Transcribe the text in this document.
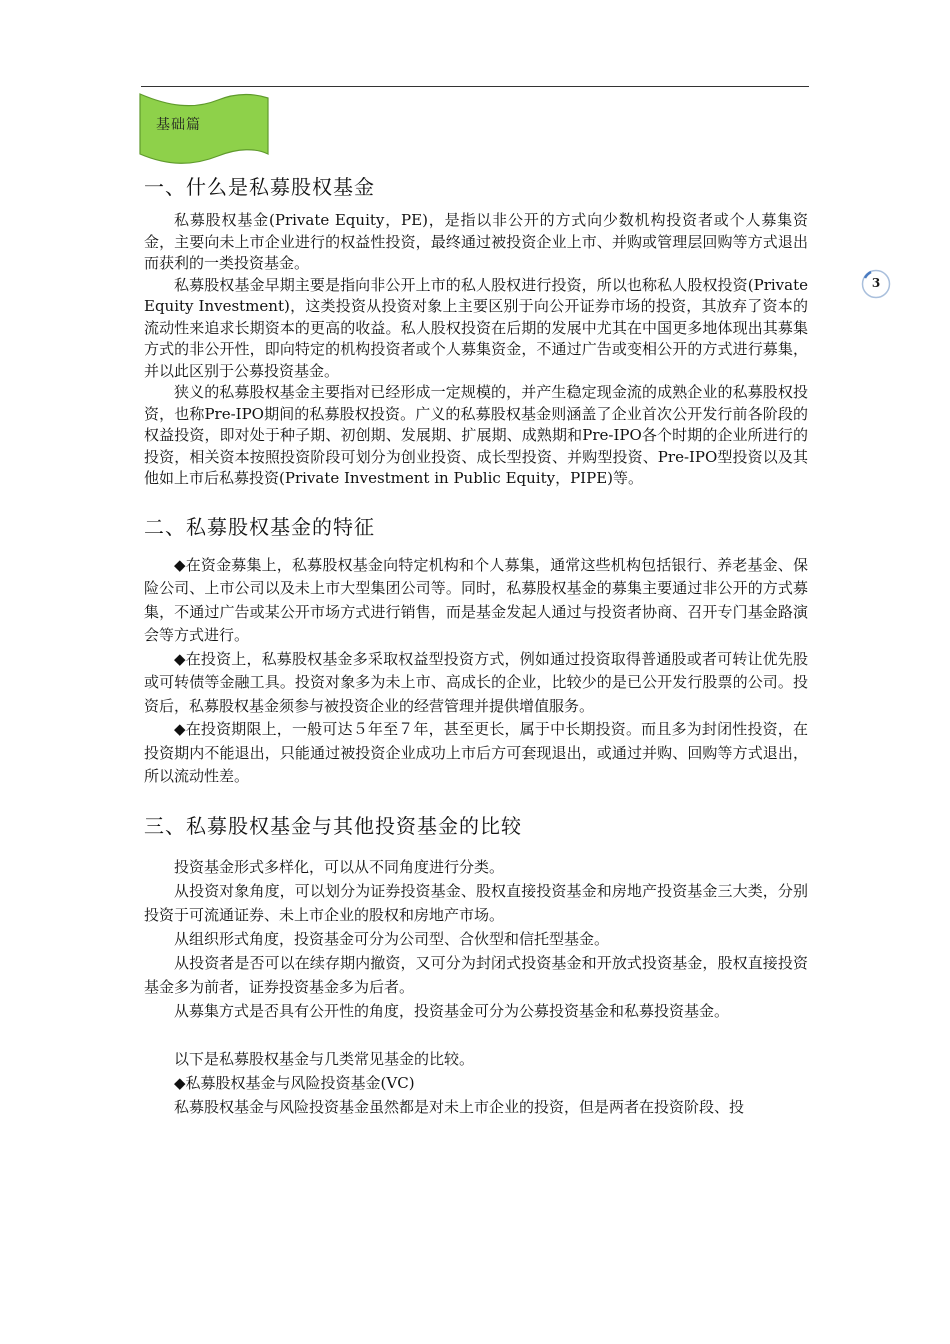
基础篇
3
一、什么是私募股权基金

私募股权基金(Private Equity，PE)，是指以非公开的方式向少数机构投资者或个人募集资金，主要向未上市企业进行的权益性投资，最终通过被投资企业上市、并购或管理层回购等方式退出而获利的一类投资基金。

私募股权基金早期主要是指向非公开上市的私人股权进行投资，所以也称私人股权投资(Private Equity Investment)，这类投资从投资对象上主要区别于向公开证券市场的投资，其放弃了资本的流动性来追求长期资本的更高的收益。私人股权投资在后期的发展中尤其在中国更多地体现出其募集方式的非公开性，即向特定的机构投资者或个人募集资金，不通过广告或变相公开的方式进行募集，并以此区别于公募投资基金。

狭义的私募股权基金主要指对已经形成一定规模的，并产生稳定现金流的成熟企业的私募股权投资，也称Pre-IPO期间的私募股权投资。广义的私募股权基金则涵盖了企业首次公开发行前各阶段的权益投资，即对处于种子期、初创期、发展期、扩展期、成熟期和Pre-IPO各个时期的企业所进行的投资，相关资本按照投资阶段可划分为创业投资、成长型投资、并购型投资、Pre-IPO型投资以及其他如上市后私募投资(Private Investment in Public Equity，PIPE)等。

二、私募股权基金的特征

◆在资金募集上，私募股权基金向特定机构和个人募集，通常这些机构包括银行、养老基金、保险公司、上市公司以及未上市大型集团公司等。同时，私募股权基金的募集主要通过非公开的方式募集，不通过广告或某公开市场方式进行销售，而是基金发起人通过与投资者协商、召开专门基金路演会等方式进行。

◆在投资上，私募股权基金多采取权益型投资方式，例如通过投资取得普通股或者可转让优先股或可转债等金融工具。投资对象多为未上市、高成长的企业，比较少的是已公开发行股票的公司。投资后，私募股权基金须参与被投资企业的经营管理并提供增值服务。

◆在投资期限上，一般可达５年至７年，甚至更长，属于中长期投资。而且多为封闭性投资，在投资期内不能退出，只能通过被投资企业成功上市后方可套现退出，或通过并购、回购等方式退出，所以流动性差。

三、私募股权基金与其他投资基金的比较

投资基金形式多样化，可以从不同角度进行分类。

从投资对象角度，可以划分为证券投资基金、股权直接投资基金和房地产投资基金三大类，分别投资于可流通证券、未上市企业的股权和房地产市场。

从组织形式角度，投资基金可分为公司型、合伙型和信托型基金。

从投资者是否可以在续存期内撤资，又可分为封闭式投资基金和开放式投资基金，股权直接投资基金多为前者，证券投资基金多为后者。

从募集方式是否具有公开性的角度，投资基金可分为公募投资基金和私募投资基金。

以下是私募股权基金与几类常见基金的比较。

◆私募股权基金与风险投资基金(VC)

私募股权基金与风险投资基金虽然都是对未上市企业的投资，但是两者在投资阶段、投
